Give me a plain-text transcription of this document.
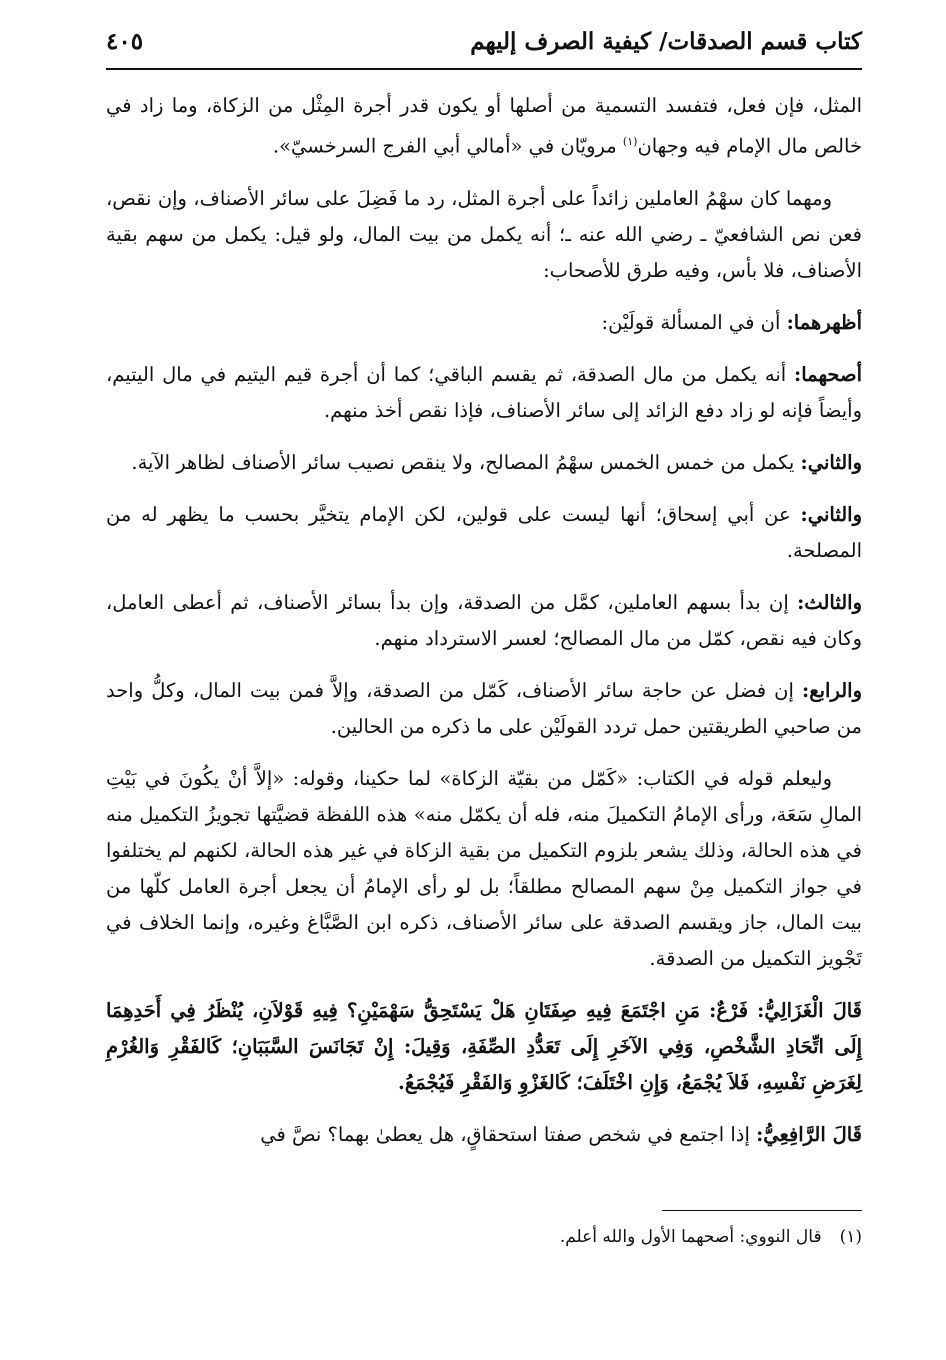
كتاب قسم الصدقات/ كيفية الصرف إليهم
٤٠٥

المثل، فإن فعل، فتفسد التسمية من أصلها أو يكون قدر أجرة المِثْل من الزكاة، وما زاد في خالص مال الإمام فيه وجهان$^{(١)}$ مرويّان في «أمالي أبي الفرج السرخسيّ».

ومهما كان سهْمُ العاملين زائداً على أجرة المثل، رد ما فَضِلَ على سائر الأصناف، وإن نقص، فعن نص الشافعيّ ـ رضي الله عنه ـ؛ أنه يكمل من بيت المال، ولو قيل: يكمل من سهم بقية الأصناف، فلا بأس، وفيه طرق للأصحاب:

أظهرهما: أن في المسألة قولَيْن:

أصحهما: أنه يكمل من مال الصدقة، ثم يقسم الباقي؛ كما أن أجرة قيم اليتيم في مال اليتيم، وأيضاً فإنه لو زاد دفع الزائد إلى سائر الأصناف، فإذا نقص أخذ منهم.

والثاني: يكمل من خمس الخمس سهْمُ المصالح، ولا ينقص نصيب سائر الأصناف لظاهر الآية.

والثاني: عن أبي إسحاق؛ أنها ليست على قولين، لكن الإمام يتخيَّر بحسب ما يظهر له من المصلحة.

والثالث: إن بدأ بسهم العاملين، كمَّل من الصدقة، وإن بدأ بسائر الأصناف، ثم أعطى العامل، وكان فيه نقص، كمّل من مال المصالح؛ لعسر الاسترداد منهم.

والرابع: إن فضل عن حاجة سائر الأصناف، كَمّل من الصدقة، وإلاَّ فمن بيت المال، وكلُّ واحد من صاحبي الطريقتين حمل تردد القولَيْن على ما ذكره من الحالين.

وليعلم قوله في الكتاب: «كَمّل من بقيّة الزكاة» لما حكينا، وقوله: «إلاَّ أنْ يكُونَ في بَيْتِ المالِ سَعَة، ورأى الإمامُ التكميلَ منه، فله أن يكمّل منه» هذه اللفظة قضيَّتها تجويزُ التكميل منه في هذه الحالة، وذلك يشعر بلزوم التكميل من بقية الزكاة في غير هذه الحالة، لكنهم لم يختلفوا في جواز التكميل مِنْ سهم المصالح مطلقاً؛ بل لو رأى الإمامُ أن يجعل أجرة العامل كلّها من بيت المال، جاز ويقسم الصدقة على سائر الأصناف، ذكره ابن الصَّبَّاغ وغيره، وإنما الخلاف في تَجْويز التكميل من الصدقة.

قَالَ الْغَزَالِيُّ: فَرْعٌ: مَنِ اجْتَمَعَ فِيهِ صِفَتَانِ هَلْ يَسْتَحِقُّ سَهْمَيْنِ؟ فِيهِ قَوْلاَنِ، يُنْظَرُ فِي أَحَدِهِمَا إِلَى اتِّحَادِ الشَّخْصِ، وَفِي الآخَرِ إِلَى تَعَدُّدِ الصِّفَةِ، وَقِيلَ: إِنْ تَجَانَسَ السَّبَبَانِ؛ كَالفَقْرِ وَالغُرْمِ لِغَرَضِ نَفْسِهِ، فَلاَ يُجْمَعُ، وَإِنِ اخْتَلَفَ؛ كَالغَزْوِ وَالفَقْرِ فَيُجْمَعُ.

قَالَ الرَّافِعِيُّ: إذا اجتمع في شخص صفتا استحقاقٍ، هل يعطىٰ بهما؟ نصَّ في

(١)قال النووي: أصحهما الأول والله أعلم.
